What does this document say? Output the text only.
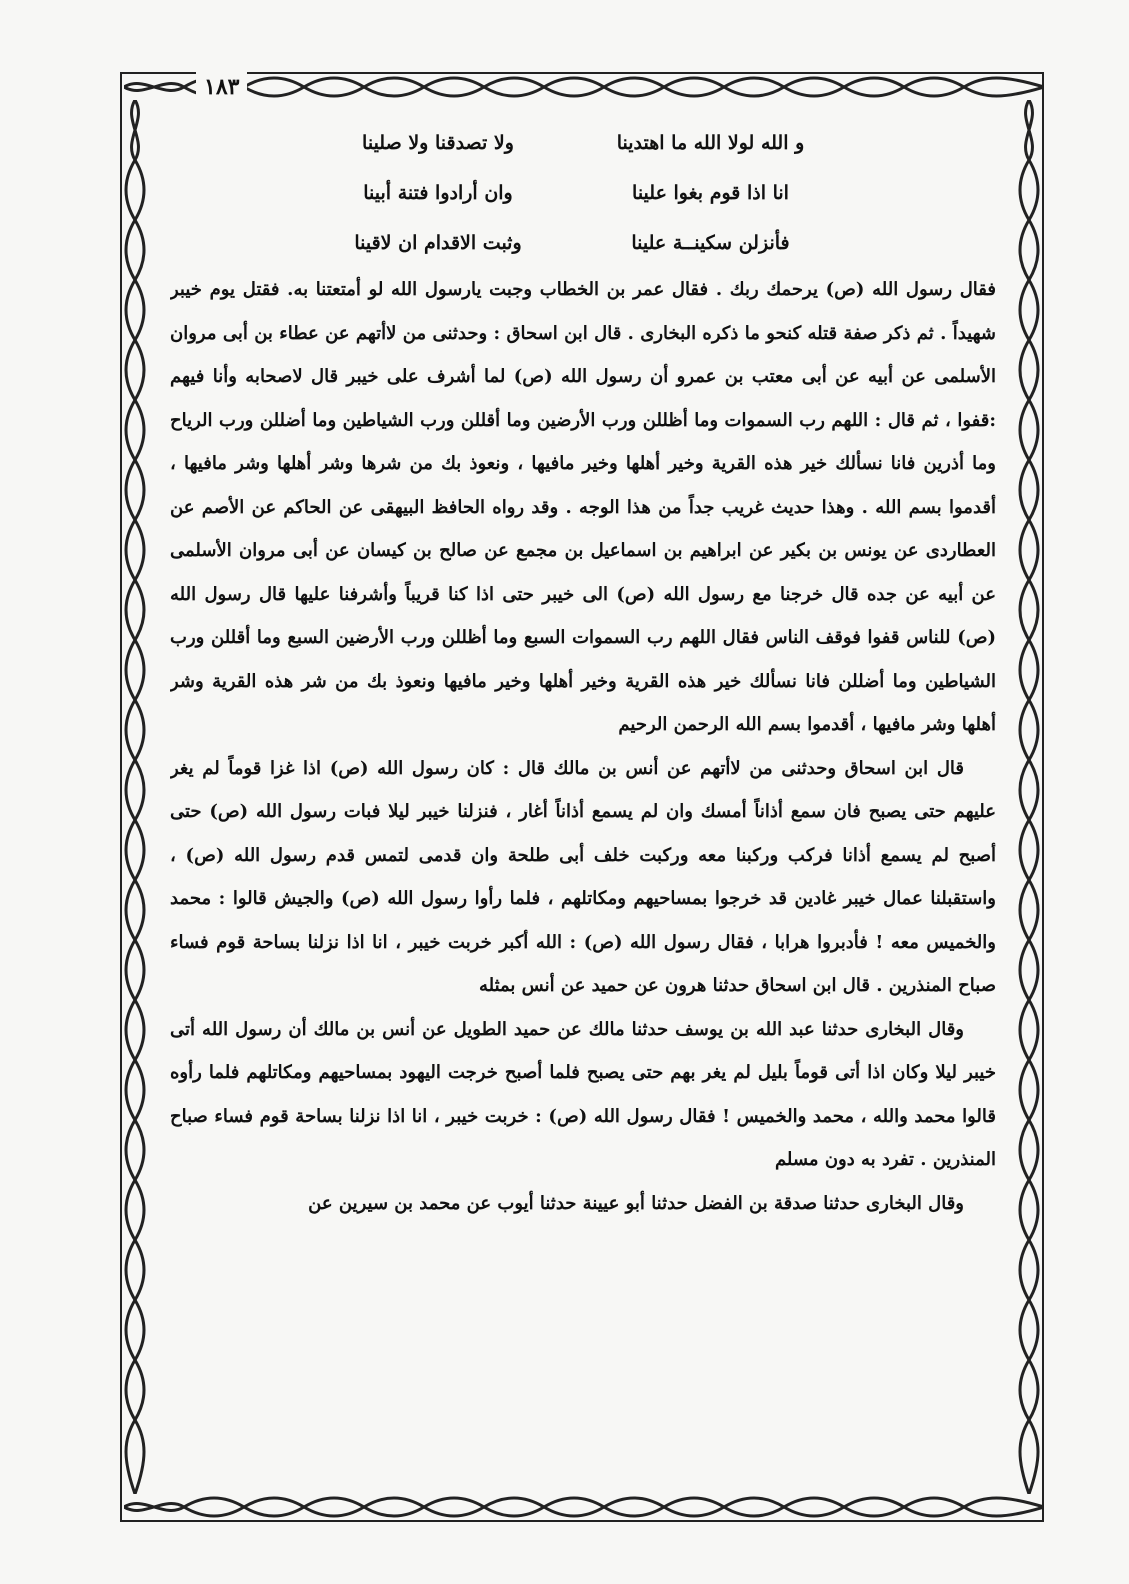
١٨٣
و الله لولا الله ما اهتدينا
ولا تصدقنا ولا صلينا
انا اذا قوم بغوا علينا
وان أرادوا فتنة أبينا
فأنزلن سكينــة علينا
وثبت الاقدام ان لاقينا

فقال رسول الله (ص) يرحمك ربك . فقال عمر بن الخطاب وجبت يارسول الله لو أمتعتنا به. فقتل يوم خيبر شهيداً . ثم ذكر صفة قتله كنحو ما ذكره البخارى . قال ابن اسحاق : وحدثنى من لاأتهم عن عطاء بن أبى مروان الأسلمى عن أبيه عن أبى معتب بن عمرو أن رسول الله (ص) لما أشرف على خيبر قال لاصحابه وأنا فيهم :قفوا ، ثم قال : اللهم رب السموات وما أظللن ورب الأرضين وما أقللن ورب الشياطين وما أضللن ورب الرياح وما أذرين فانا نسألك خير هذه القرية وخير أهلها وخير مافيها ، ونعوذ بك من شرها وشر أهلها وشر مافيها ، أقدموا بسم الله . وهذا حديث غريب جداً من هذا الوجه . وقد رواه الحافظ البيهقى عن الحاكم عن الأصم عن العطاردى عن يونس بن بكير عن ابراهيم بن اسماعيل بن مجمع عن صالح بن كيسان عن أبى مروان الأسلمى عن أبيه عن جده قال خرجنا مع رسول الله (ص) الى خيبر حتى اذا كنا قريباً وأشرفنا عليها قال رسول الله (ص) للناس قفوا فوقف الناس فقال اللهم رب السموات السبع وما أظللن ورب الأرضين السبع وما أقللن ورب الشياطين وما أضللن فانا نسألك خير هذه القرية وخير أهلها وخير مافيها ونعوذ بك من شر هذه القرية وشر أهلها وشر مافيها ، أقدموا بسم الله الرحمن الرحيم

قال ابن اسحاق وحدثنى من لاأتهم عن أنس بن مالك قال : كان رسول الله (ص) اذا غزا قوماً لم يغر عليهم حتى يصبح فان سمع أذاناً أمسك وان لم يسمع أذاناً أغار ، فنزلنا خيبر ليلا فبات رسول الله (ص) حتى أصبح لم يسمع أذانا فركب وركبنا معه وركبت خلف أبى طلحة وان قدمى لتمس قدم رسول الله (ص) ، واستقبلنا عمال خيبر غادين قد خرجوا بمساحيهم ومكاتلهم ، فلما رأوا رسول الله (ص) والجيش قالوا : محمد والخميس معه ! فأدبروا هرابا ، فقال رسول الله (ص) : الله أكبر خربت خيبر ، انا اذا نزلنا بساحة قوم فساء صباح المنذرين . قال ابن اسحاق حدثنا هرون عن حميد عن أنس بمثله

وقال البخارى حدثنا عبد الله بن يوسف حدثنا مالك عن حميد الطويل عن أنس بن مالك أن رسول الله أتى خيبر ليلا وكان اذا أتى قوماً بليل لم يغر بهم حتى يصبح فلما أصبح خرجت اليهود بمساحيهم ومكاتلهم فلما رأوه قالوا محمد والله ، محمد والخميس ! فقال رسول الله (ص) : خربت خيبر ، انا اذا نزلنا بساحة قوم فساء صباح المنذرين . تفرد به دون مسلم

وقال البخارى حدثنا صدقة بن الفضل حدثنا أبو عيينة حدثنا أيوب عن محمد بن سيرين عن
